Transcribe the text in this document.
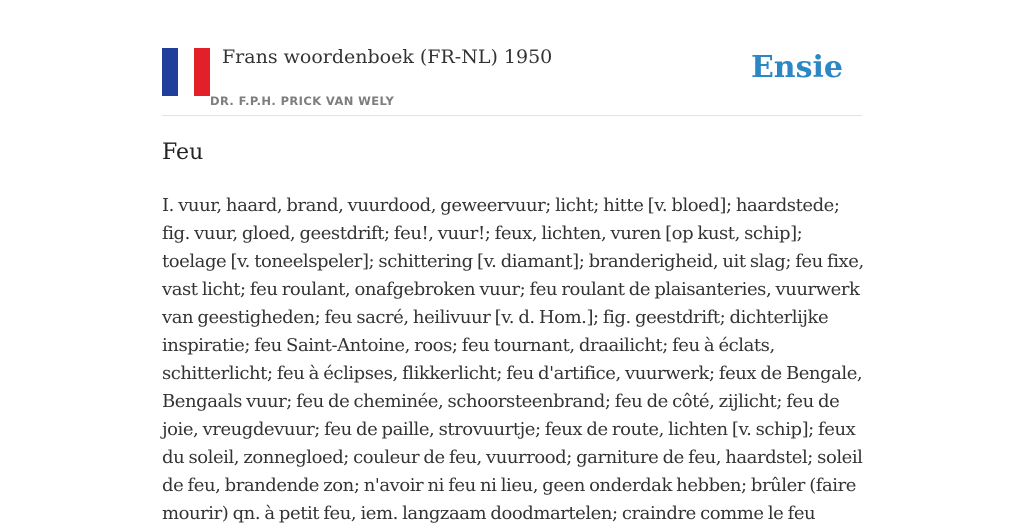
Frans woordenboek (FR-NL) 1950
DR. F.P.H. PRICK VAN WELY
Ensie
Feu

I. vuur, haard, brand, vuurdood, geweervuur; licht; hitte [v. bloed]; haardstede; fig. vuur, gloed, geestdrift; feu!, vuur!; feux, lichten, vuren [op kust, schip]; toelage [v. toneelspeler]; schittering [v. diamant]; branderigheid, uit slag; feu fixe, vast licht; feu roulant, onafgebroken vuur; feu roulant de plaisanteries, vuurwerk van geestigheden; feu sacré, heilivuur [v. d. Hom.]; fig. geestdrift; dichterlijke inspiratie; feu Saint-Antoine, roos; feu tournant, draailicht; feu à éclats, schitterlicht; feu à éclipses, flikkerlicht; feu d'artifice, vuurwerk; feux de Bengale, Bengaals vuur; feu de cheminée, schoorsteenbrand; feu de côté, zijlicht; feu de joie, vreugdevuur; feu de paille, strovuurtje; feux de route, lichten [v. schip]; feux du soleil, zonnegloed; couleur de feu, vuurrood; garniture de feu, haardstel; soleil de feu, brandende zon; n'avoir ni feu ni lieu, geen onderdak hebben; brûler (faire mourir) qn. à petit feu, iem. langzaam doodmartelen; craindre comme le feu
